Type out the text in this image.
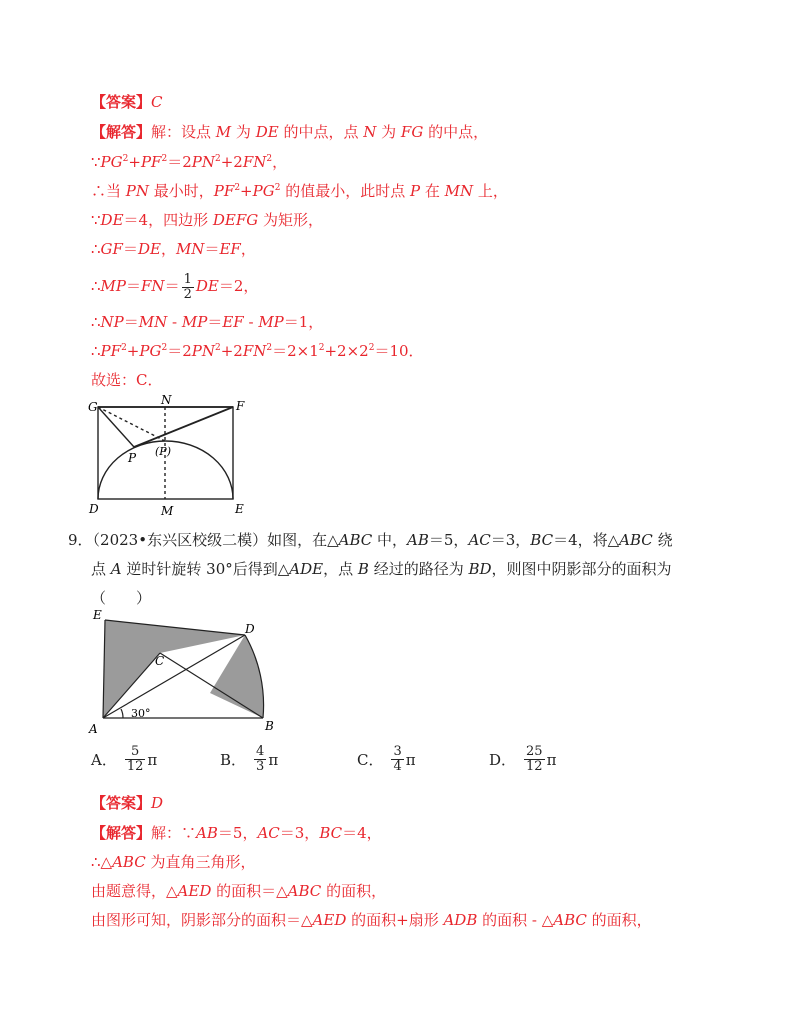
【答案】C
【解答】解：设点 M 为 DE 的中点，点 N 为 FG 的中点，
$\because PG^2+PF^2=2PN^2+2FN^2$，
∴当 PN 最小时，$PF^2+PG^2$ 的值最小，此时点 P 在 MN 上，
∵DE＝4，四边形 DEFG 为矩形，
∴GF＝DE，MN＝EF，
∴MP＝FN＝ $\frac{1}{2} DE=2$，
∴NP＝MN - MP＝EF - MP＝1，
$\therefore PF^2+PG^2=2PN^2+2FN^2=2\times 1^2+2\times 2^2=10$．
故选：C．
G	N	F
P (P)
D	M	E
9．（2023•东兴区校级二模）如图，在△ABC 中，AB＝5，AC＝3，BC＝4，将△ABC 绕
点 A 逆时针旋转 30°后得到△ADE，点 B 经过的路径为 BD，则图中阴影部分的面积为
（　　）
E
D
C
A	B
30°
A． $\frac{5}{12}$ π	B． $\frac{4}{3}$ π	C． $\frac{3}{4}$ π	D． $\frac{25}{12}$ π
【答案】D
【解答】解：∵AB＝5，AC＝3，BC＝4，
∴△ABC 为直角三角形，
由题意得，△AED 的面积＝△ABC 的面积，
由图形可知，阴影部分的面积＝△AED 的面积+扇形 ADB 的面积 - △ABC 的面积，
